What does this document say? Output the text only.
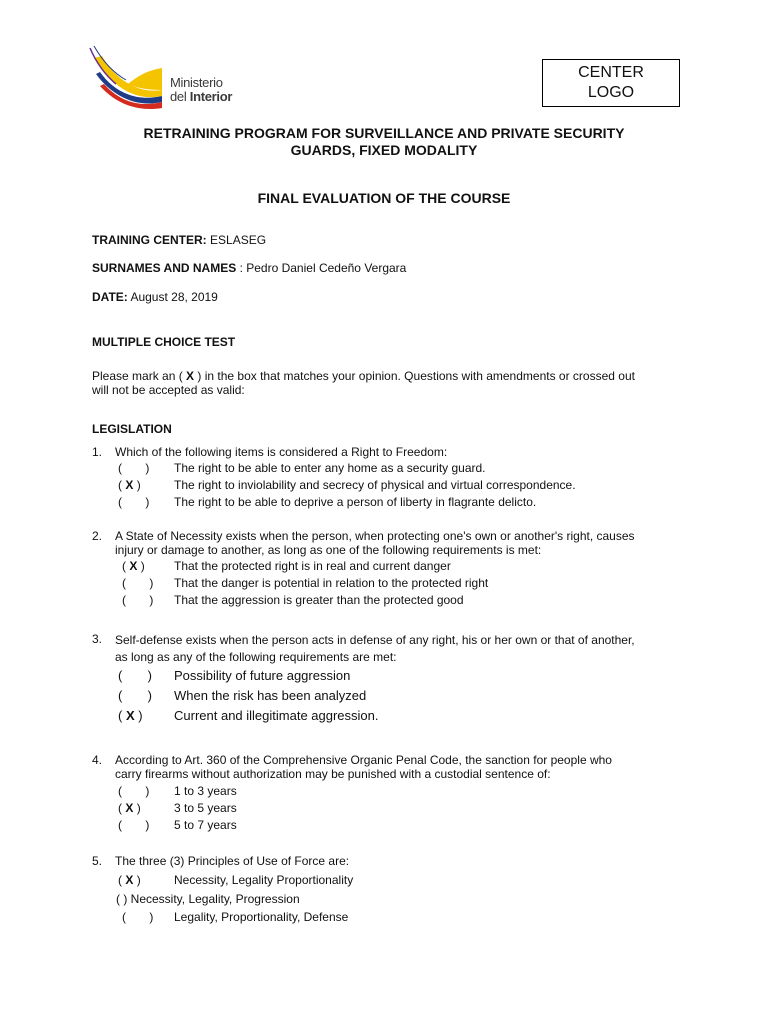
Ministerio
del Interior
CENTER
LOGO
RETRAINING PROGRAM FOR SURVEILLANCE AND PRIVATE SECURITY
GUARDS, FIXED MODALITY
FINAL EVALUATION OF THE COURSE
TRAINING CENTER: ESLASEG
SURNAMES AND NAMES : Pedro Daniel Cedeño Vergara
DATE: August 28, 2019
MULTIPLE CHOICE TEST
Please mark an ( X ) in the box that matches your opinion. Questions with amendments or crossed out
will not be accepted as valid:
LEGISLATION
1.	Which of the following items is considered a Right to Freedom:
(       ) The right to be able to enter any home as a security guard.
( X )	The right to inviolability and secrecy of physical and virtual correspondence.
(       ) The right to be able to deprive a person of liberty in flagrante delicto.
2.	A State of Necessity exists when the person, when protecting one's own or another's right, causes
injury or damage to another, as long as one of the following requirements is met:
( X ) That the protected right is in real and current danger
(       ) That the danger is potential in relation to the protected right
(       ) That the aggression is greater than the protected good
3.	Self-defense exists when the person acts in defense of any right, his or her own or that of another,
as long as any of the following requirements are met:
(       ) Possibility of future aggression
(       ) When the risk has been analyzed
( X ) Current and illegitimate aggression.
4.	According to Art. 360 of the Comprehensive Organic Penal Code, the sanction for people who
carry firearms without authorization may be punished with a custodial sentence of:
(       ) 1 to 3 years
( X )	3 to 5 years
(       ) 5 to 7 years
5.	The three (3) Principles of Use of Force are:
( X )	Necessity, Legality Proportionality
( ) Necessity, Legality, Progression
(       ) Legality, Proportionality, Defense
